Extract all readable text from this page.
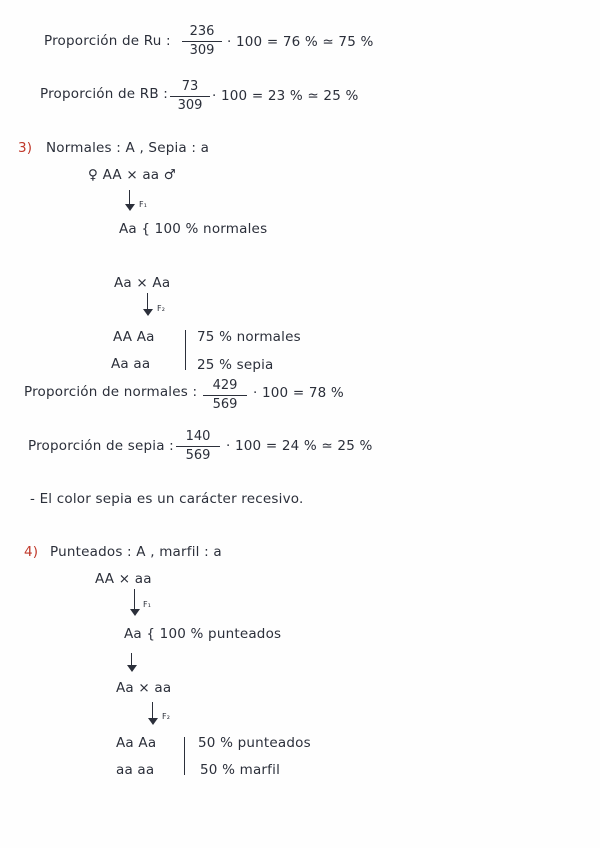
Proporción de Ru :
236
309
· 100 = 76 % ≃ 75 %
Proporción de RB : 73
309
· 100 = 23 % ≃ 25 %
3) Normales : A , Sepia : a
♀ AA × aa ♂
F₁
Aa { 100 % normales
Aa × Aa
F₂
AA Aa
Aa aa
75 % normales
25 % sepia
Proporción de normales : 429
569
· 100 = 78 %
Proporción de sepia :
140
569
· 100 = 24 % ≃ 25 %
- El color sepia es un carácter recesivo.
4) Punteados : A , marfil : a
AA × aa
F₁
Aa { 100 % punteados
Aa × aa
F₂
Aa Aa
aa aa
50 % punteados
50 % marfil
